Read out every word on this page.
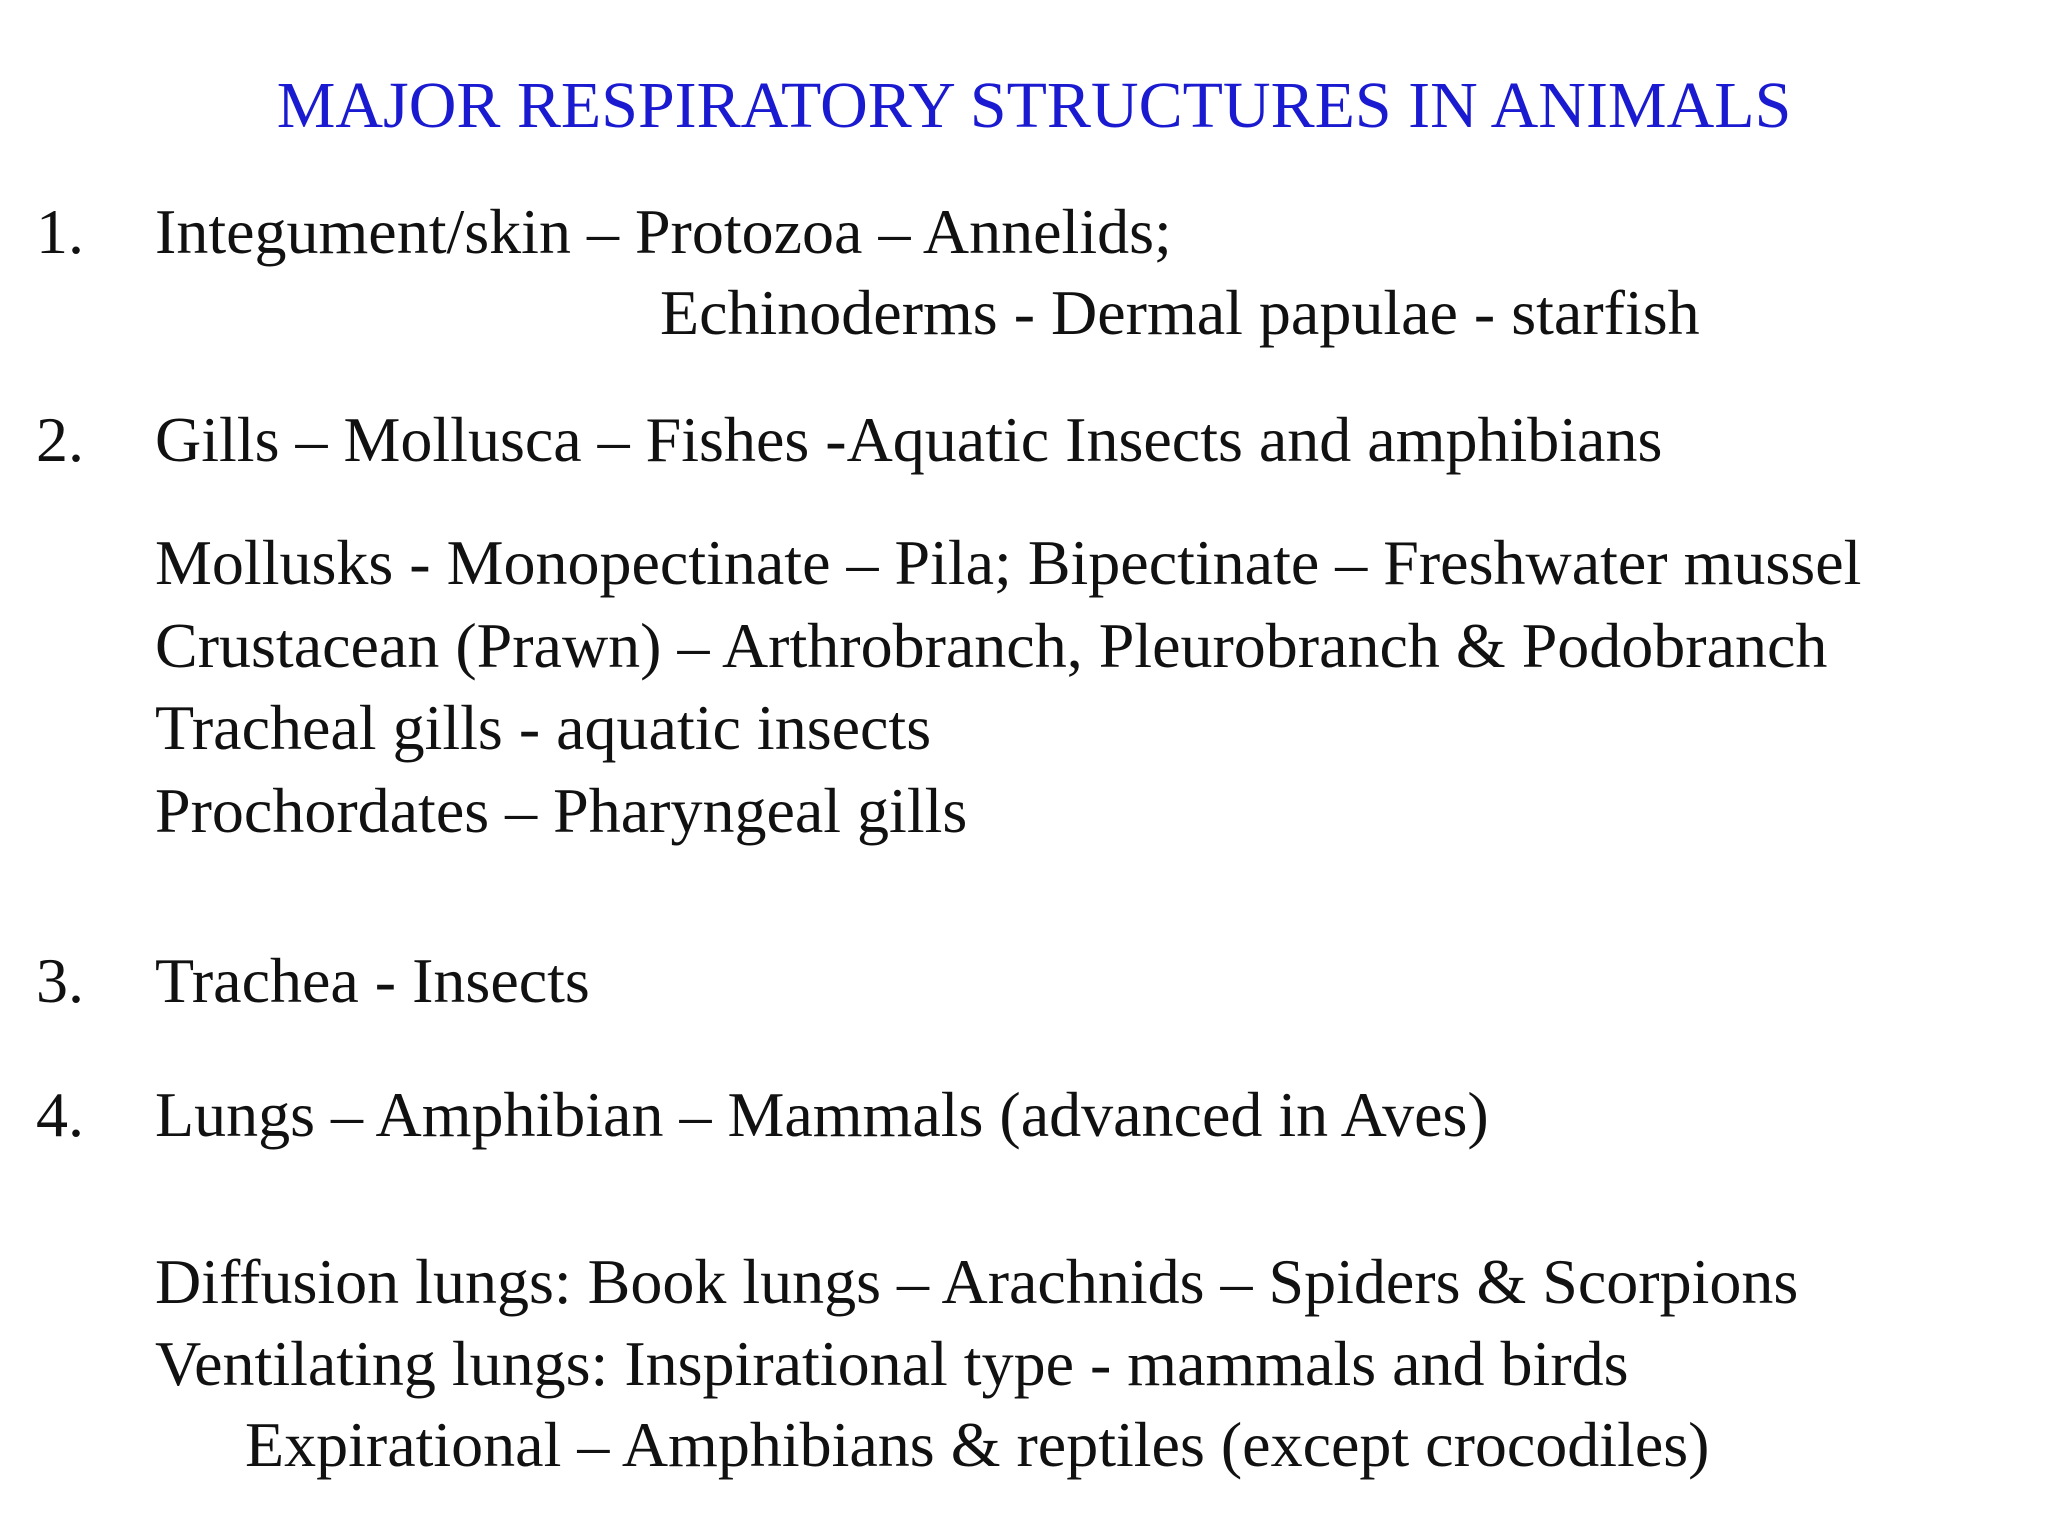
MAJOR RESPIRATORY STRUCTURES IN ANIMALS
1. Integument/skin – Protozoa – Annelids;
Echinoderms - Dermal papulae - starfish
2. Gills – Mollusca – Fishes -Aquatic Insects and amphibians
Mollusks - Monopectinate – Pila; Bipectinate – Freshwater mussel
Crustacean (Prawn) – Arthrobranch, Pleurobranch & Podobranch
Tracheal gills - aquatic insects
Prochordates – Pharyngeal gills
3. Trachea - Insects
4. Lungs – Amphibian – Mammals (advanced in Aves)
Diffusion lungs: Book lungs – Arachnids – Spiders & Scorpions
Ventilating lungs: Inspirational type - mammals and birds
Expirational – Amphibians & reptiles (except crocodiles)
